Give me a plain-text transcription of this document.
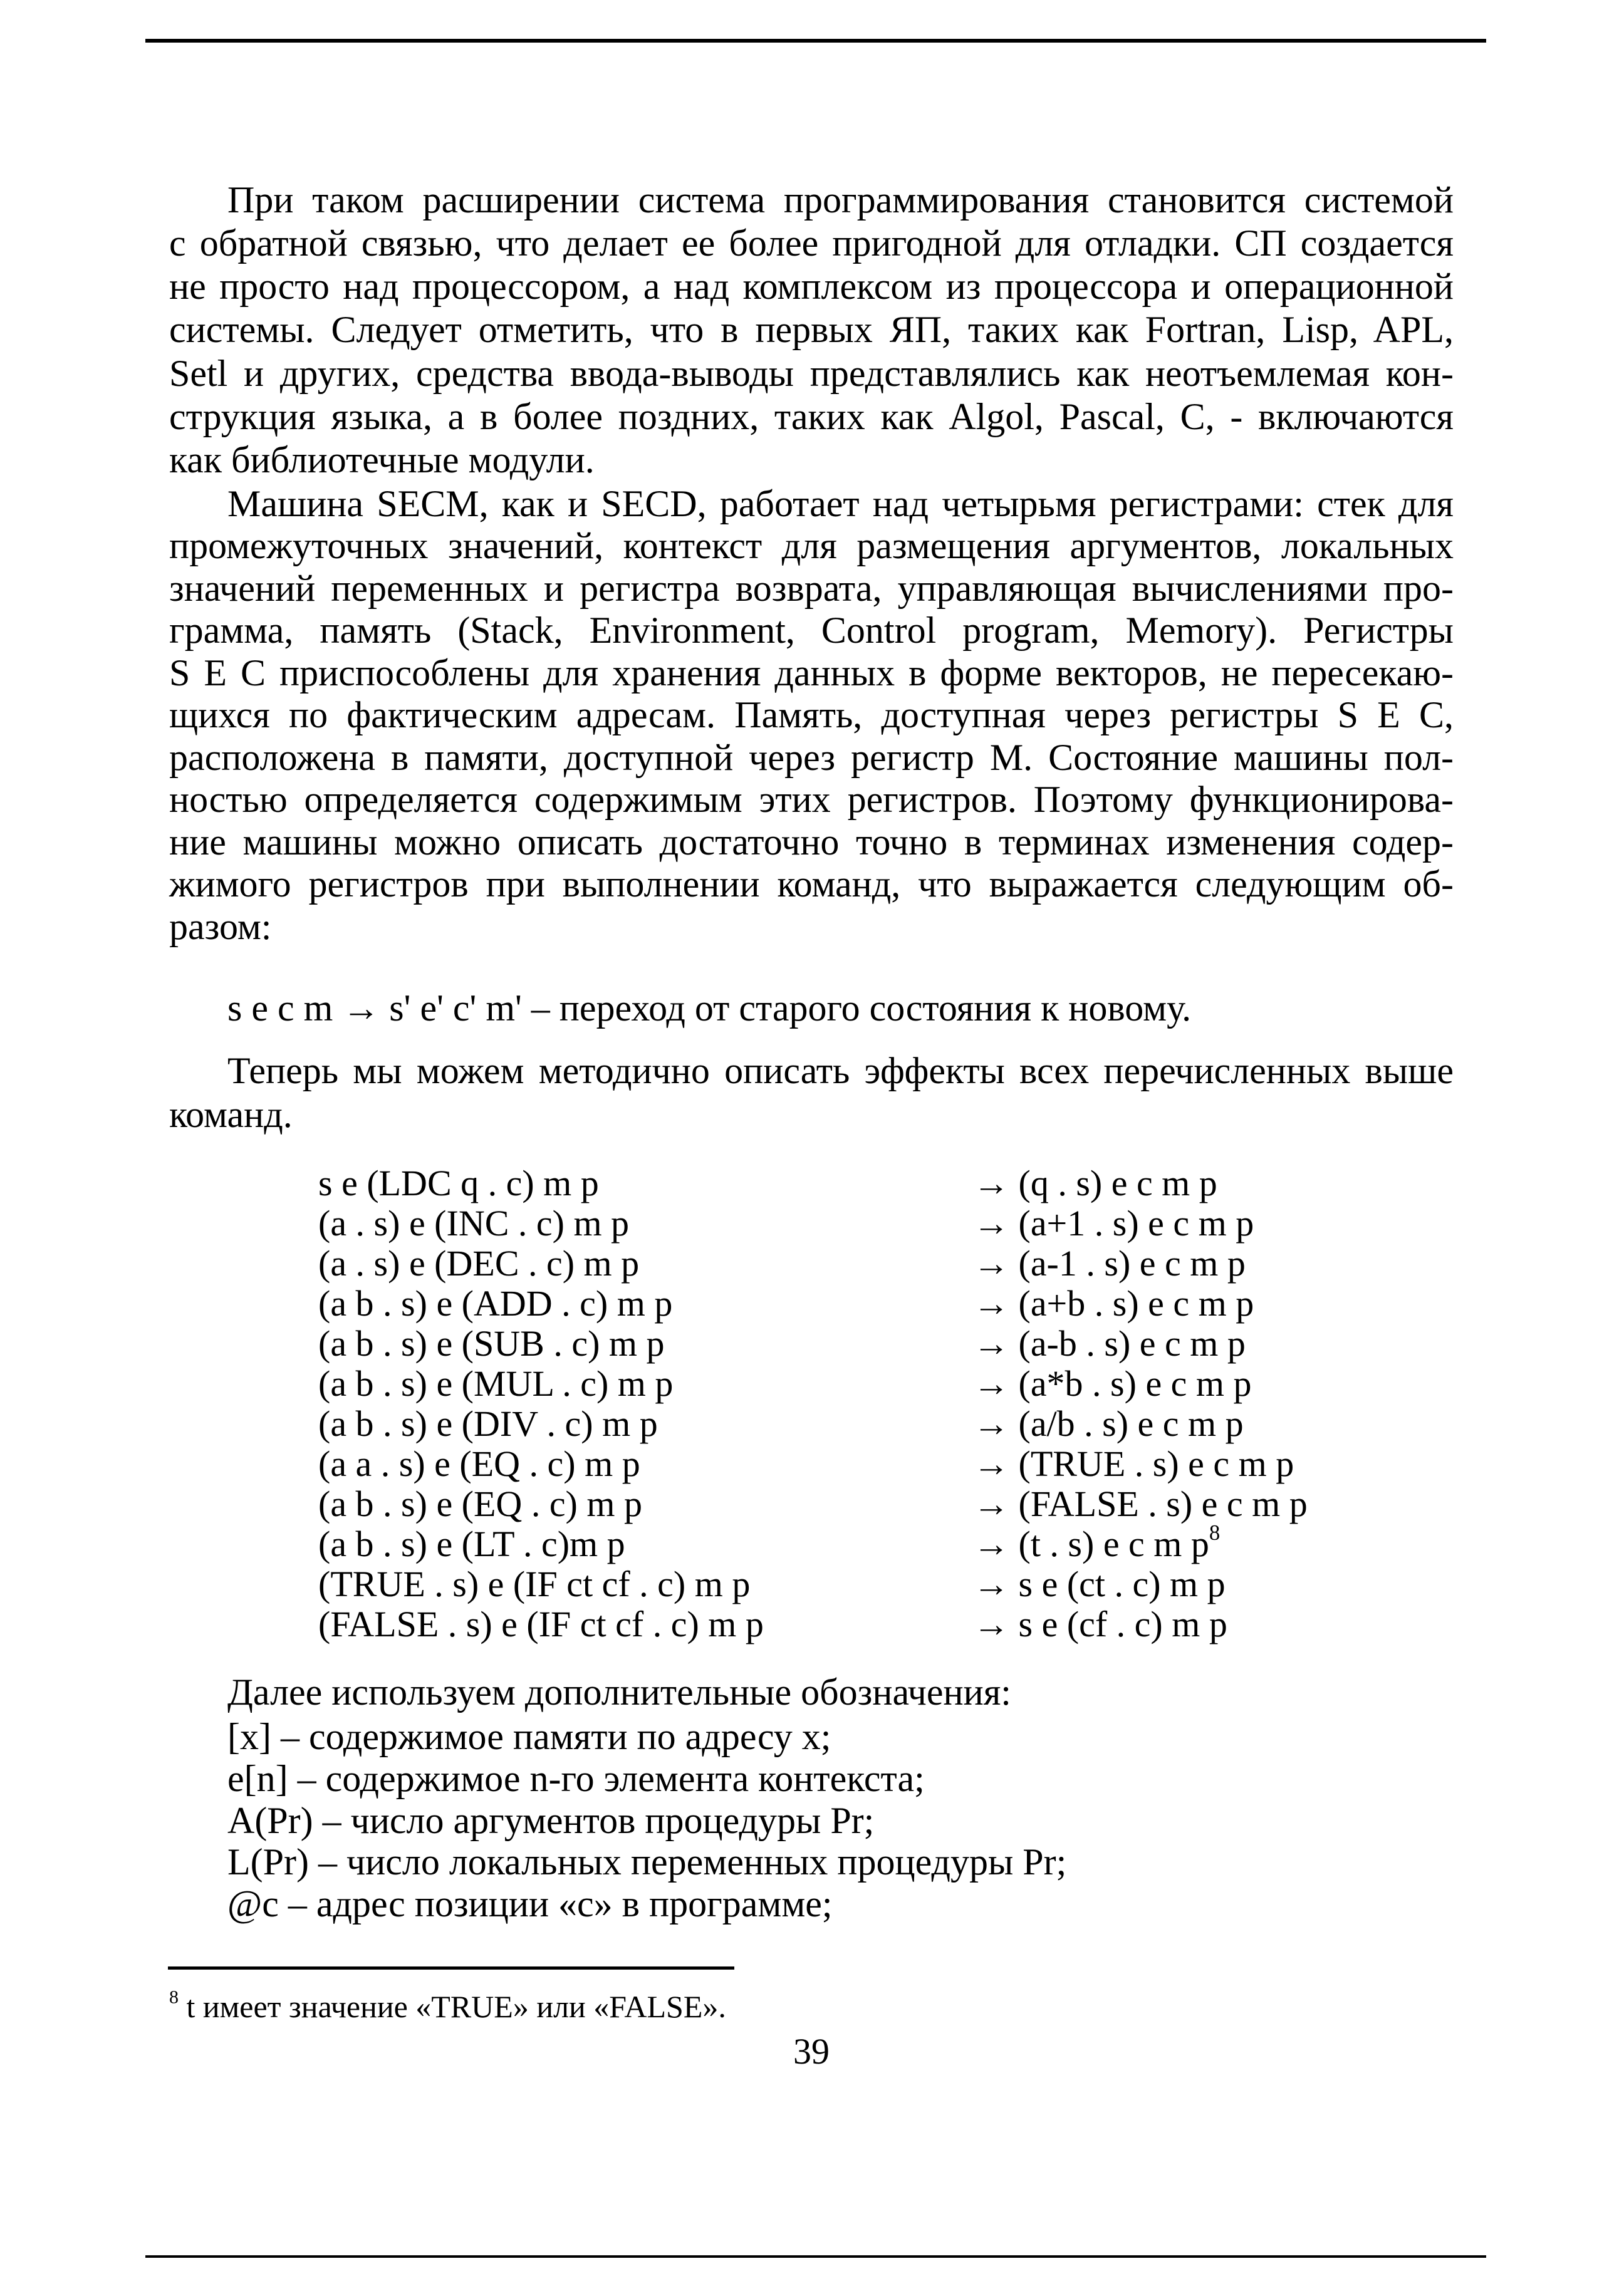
При таком расширении система программирования становится системой
с обратной связью, что делает ее более пригодной для отладки. СП создается
не просто над процессором, а над комплексом из процессора и операционной
системы. Следует отметить, что в первых ЯП, таких как Fortran, Lisp, APL,
Setl и других, средства ввода-выводы представлялись как неотъемлемая кон-
струкция языка, а в более поздних, таких как Algol, Pascal, C, - включаются
как библиотечные модули.
Машина SECM, как и SECD, работает над четырьмя регистрами: стек для
промежуточных значений, контекст для размещения аргументов, локальных
значений переменных и регистра возврата, управляющая вычислениями про-
грамма, память (Stack, Environment, Control program, Memory). Регистры
S E C приспособлены для хранения данных в форме векторов, не пересекаю-
щихся по фактическим адресам. Память, доступная через регистры S E C,
расположена в памяти, доступной через регистр M. Состояние машины пол-
ностью определяется содержимым этих регистров. Поэтому функционирова-
ние машины можно описать достаточно точно в терминах изменения содер-
жимого регистров при выполнении команд, что выражается следующим об-
разом:
s e c m → s' e' c' m' – переход от старого состояния к новому.
Теперь мы можем методично описать эффекты всех перечисленных выше
команд.
s e (LDC q . c) m p	→ (q . s) e c m p
(a . s) e (INC . c) m p	→ (a+1 . s) e c m p
(a . s) e (DEC . c) m p	→ (a-1 . s) e c m p
(a b . s) e (ADD . c) m p	→ (a+b . s) e c m p
(a b . s) e (SUB . c) m p	→ (a-b . s) e c m p
(a b . s) e (MUL . c) m p	→ (a*b . s) e c m p
(a b . s) e (DIV . c) m p	→ (a/b . s) e c m p
(a a . s) e (EQ . c) m p	→ (TRUE . s) e c m p
(a b . s) e (EQ . c) m p	→ (FALSE . s) e c m p
(a b . s) e (LT . c)m p	→ (t . s) e c m $p^8$
(TRUE . s) e (IF ct cf . c) m p	→ s e (ct . c) m p
(FALSE . s) e (IF ct cf . c) m p	→ s e (cf . c) m p
Далее используем дополнительные обозначения:
[x] – содержимое памяти по адресу x;
e[n] – содержимое n-го элемента контекста;
A(Pr) – число аргументов процедуры Pr;
L(Pr) – число локальных переменных процедуры Pr;
@c – адрес позиции «с» в программе;
$^8$ t имеет значение «TRUE» или «FALSE».
39
